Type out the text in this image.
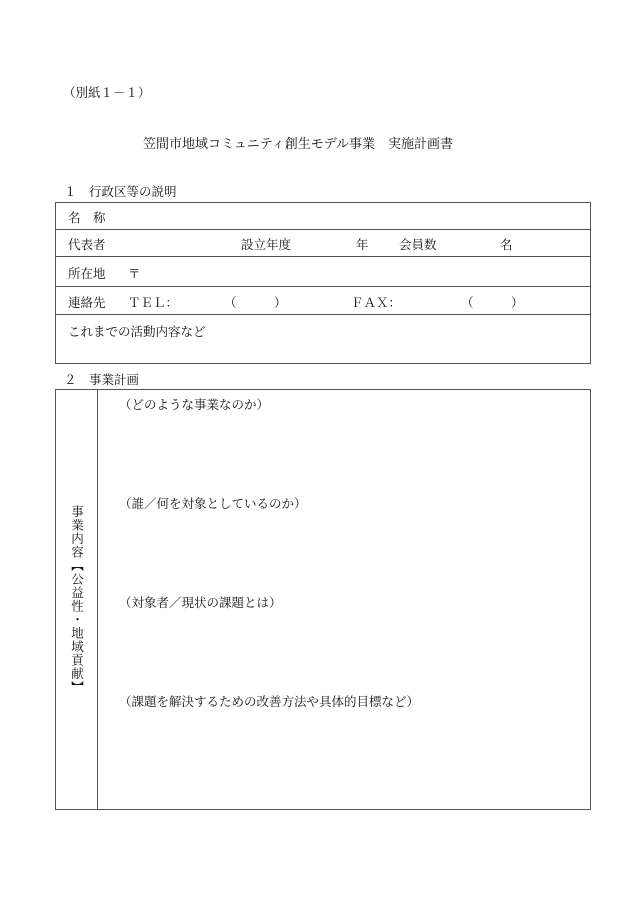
（別紙１－１）
笠間市地域コミュニティ創生モデル事業　実施計画書
１　行政区等の説明
名　称
代表者	設立年度	年 会員数	名
所在地 〒
連絡先 ＴＥＬ：	（　　　）	ＦＡＸ：	（　　　）
これまでの活動内容など
２　事業計画
事業内容【公益性・地域貢献】
（どのような事業なのか）
（誰／何を対象としているのか）
（対象者／現状の課題とは）
（課題を解決するための改善方法や具体的目標など）
